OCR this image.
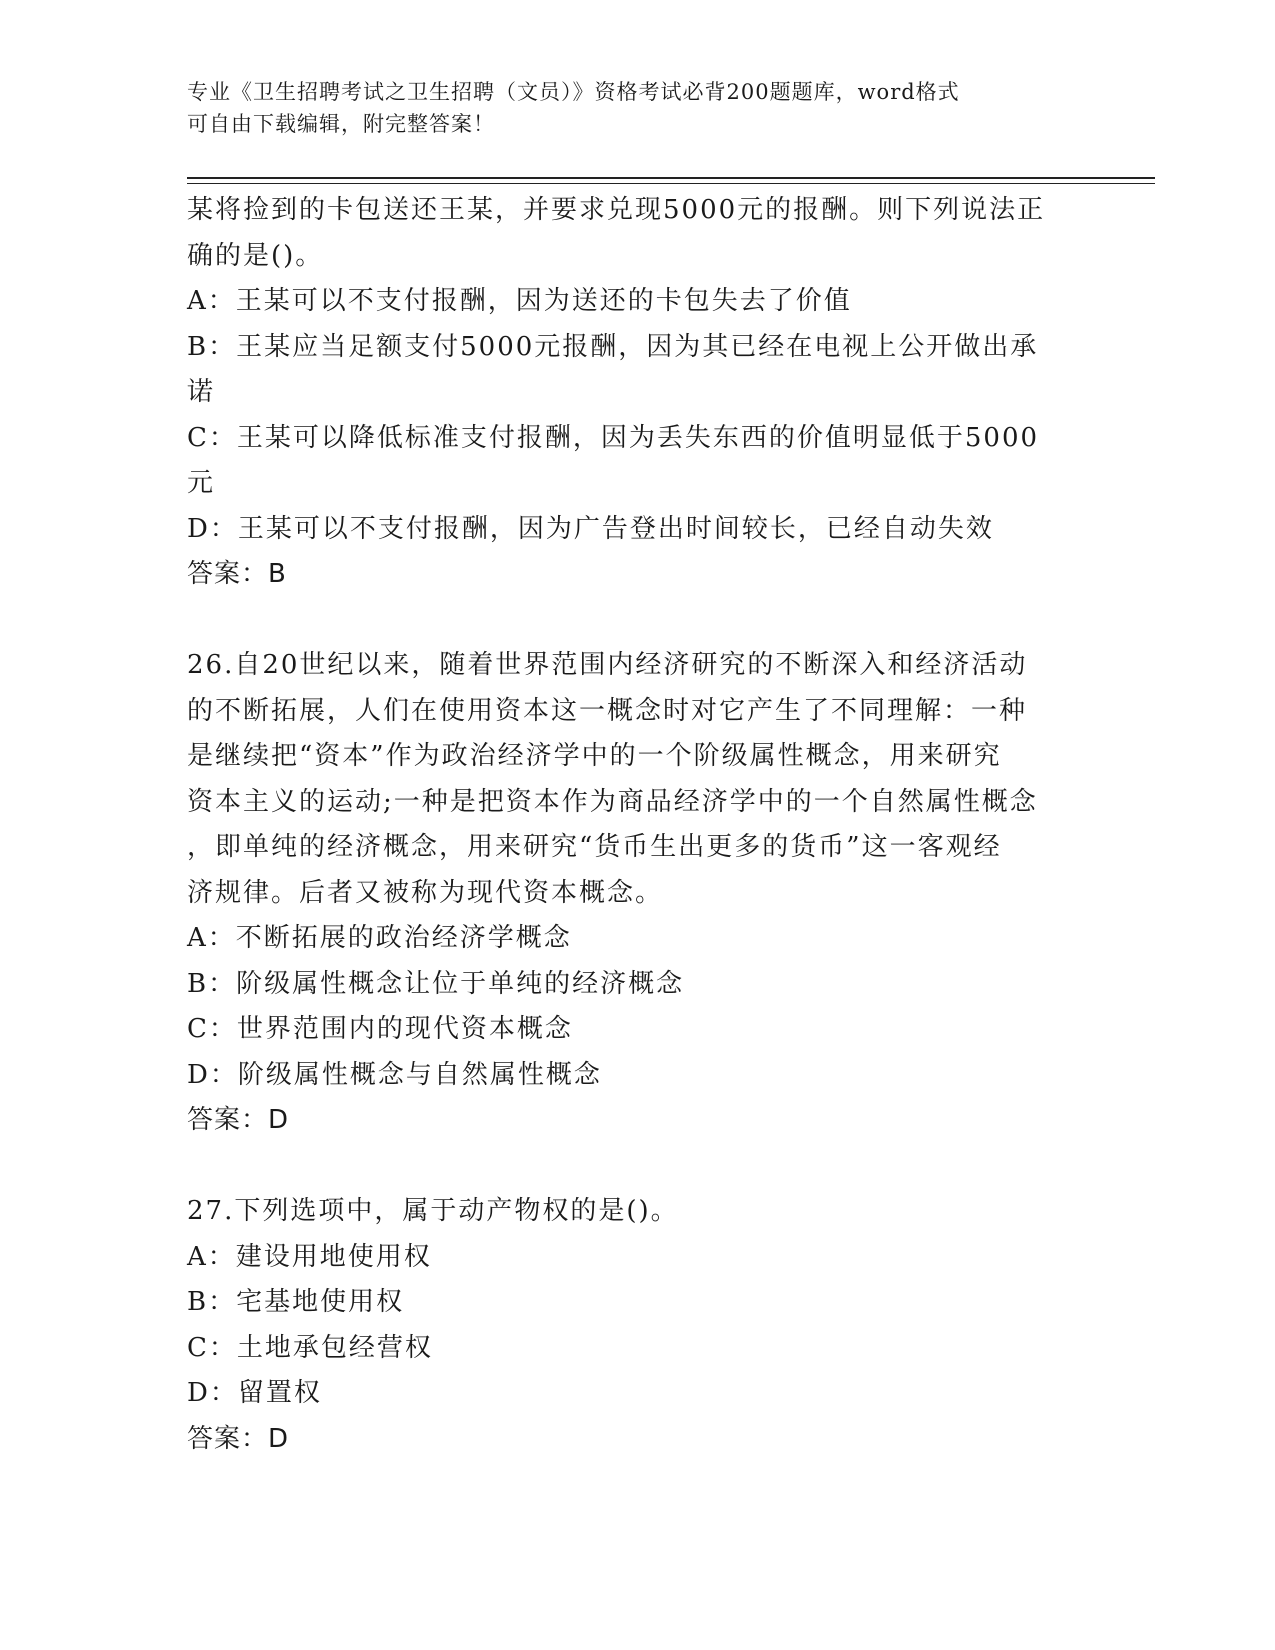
专业《卫生招聘考试之卫生招聘（文员）》资格考试必背200题题库，word格式
可自由下载编辑，附完整答案！
某将捡到的卡包送还王某，并要求兑现5000元的报酬。则下列说法正
确的是()。
A：王某可以不支付报酬，因为送还的卡包失去了价值
B：王某应当足额支付5000元报酬，因为其已经在电视上公开做出承
诺
C：王某可以降低标准支付报酬，因为丢失东西的价值明显低于5000
元
D：王某可以不支付报酬，因为广告登出时间较长，已经自动失效
答案：B
26.自20世纪以来，随着世界范围内经济研究的不断深入和经济活动
的不断拓展，人们在使用资本这一概念时对它产生了不同理解：一种
是继续把“资本”作为政治经济学中的一个阶级属性概念，用来研究
资本主义的运动;一种是把资本作为商品经济学中的一个自然属性概念
，即单纯的经济概念，用来研究“货币生出更多的货币”这一客观经
济规律。后者又被称为现代资本概念。
A：不断拓展的政治经济学概念
B：阶级属性概念让位于单纯的经济概念
C：世界范围内的现代资本概念
D：阶级属性概念与自然属性概念
答案：D
27.下列选项中，属于动产物权的是()。
A：建设用地使用权
B：宅基地使用权
C：土地承包经营权
D：留置权
答案：D
